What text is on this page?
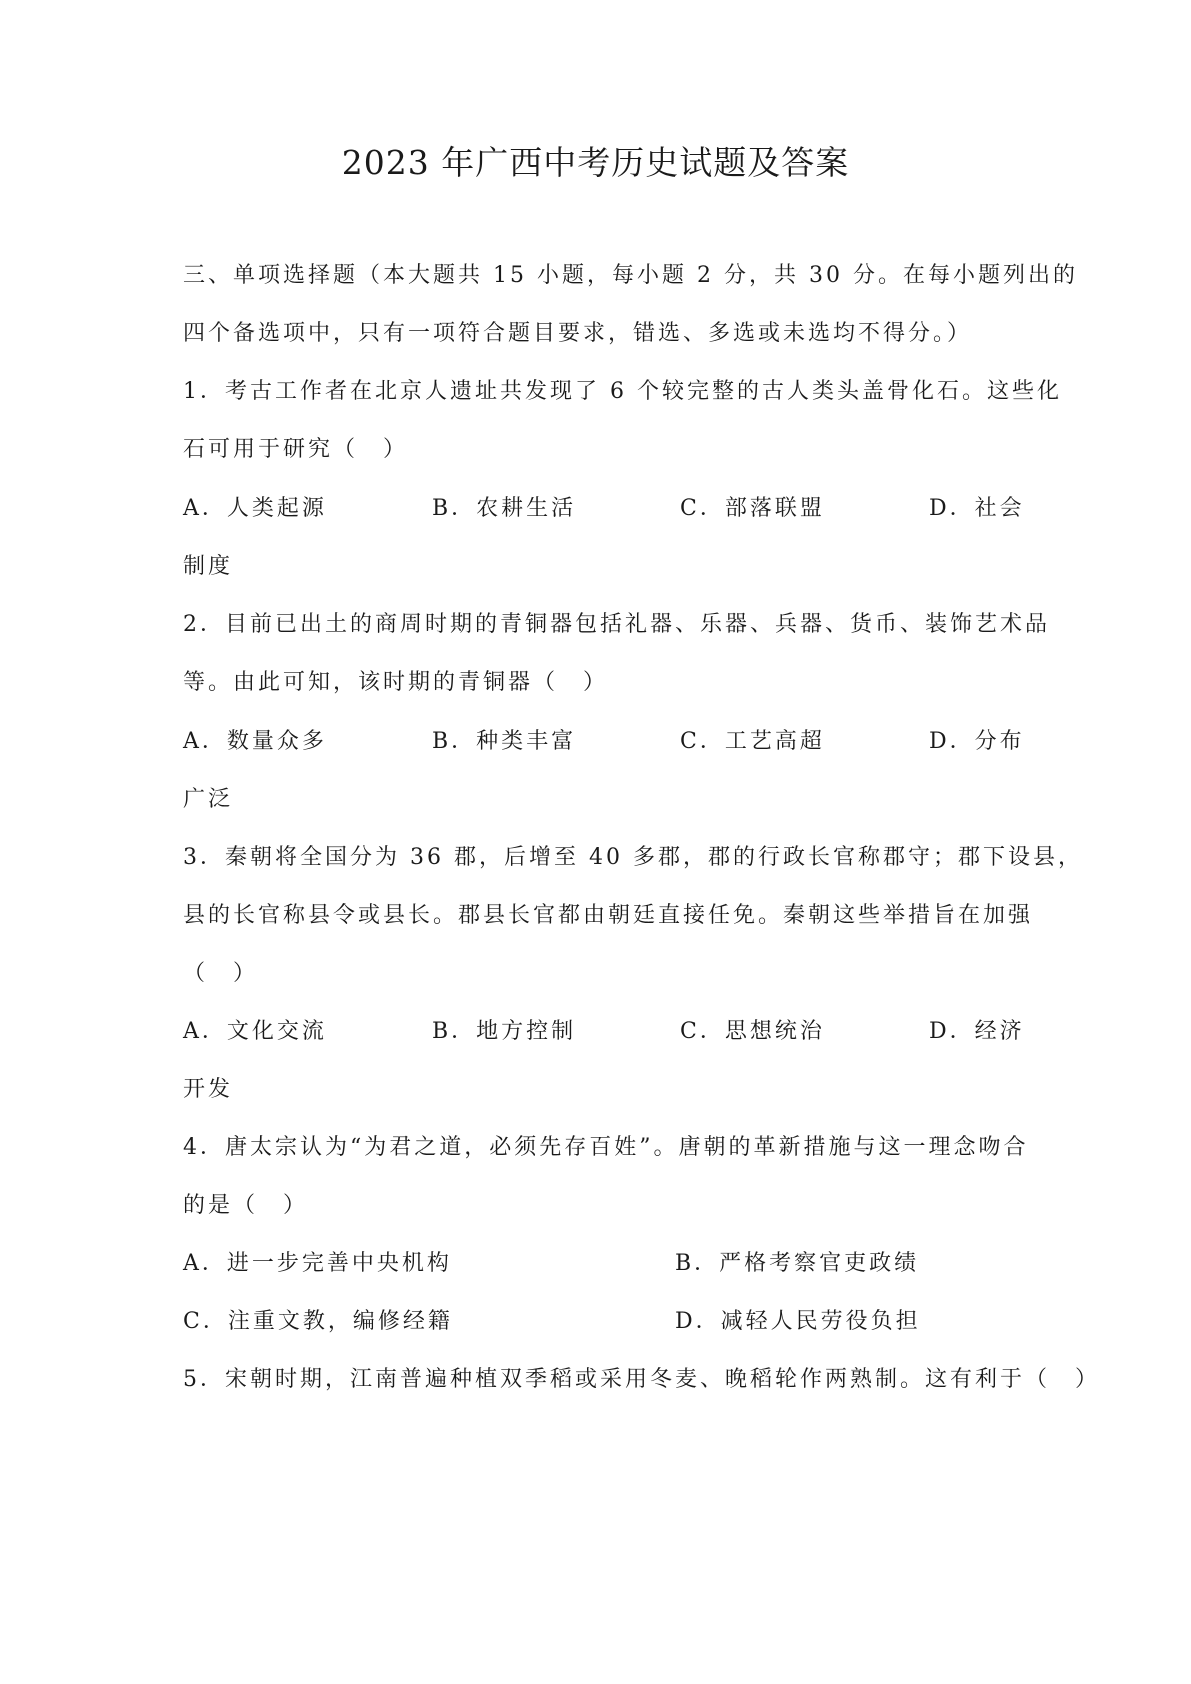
2023 年广西中考历史试题及答案
三、单项选择题（本大题共 15 小题，每小题 2 分，共 30 分。在每小题列出的
四个备选项中，只有一项符合题目要求，错选、多选或未选均不得分。）
1．考古工作者在北京人遗址共发现了 6 个较完整的古人类头盖骨化石。这些化
石可用于研究（　）
A．人类起源	B．农耕生活	C．部落联盟	D．社会
制度
2．目前已出土的商周时期的青铜器包括礼器、乐器、兵器、货币、装饰艺术品
等。由此可知，该时期的青铜器（　）
A．数量众多	B．种类丰富	C．工艺高超	D．分布
广泛
3．秦朝将全国分为 36 郡，后增至 40 多郡，郡的行政长官称郡守；郡下设县，
县的长官称县令或县长。郡县长官都由朝廷直接任免。秦朝这些举措旨在加强
（　）
A．文化交流	B．地方控制	C．思想统治	D．经济
开发
4．唐太宗认为“为君之道，必须先存百姓”。唐朝的革新措施与这一理念吻合
的是（　）
A．进一步完善中央机构	B．严格考察官吏政绩
C．注重文教，编修经籍	D．减轻人民劳役负担
5．宋朝时期，江南普遍种植双季稻或采用冬麦、晚稻轮作两熟制。这有利于（　）
